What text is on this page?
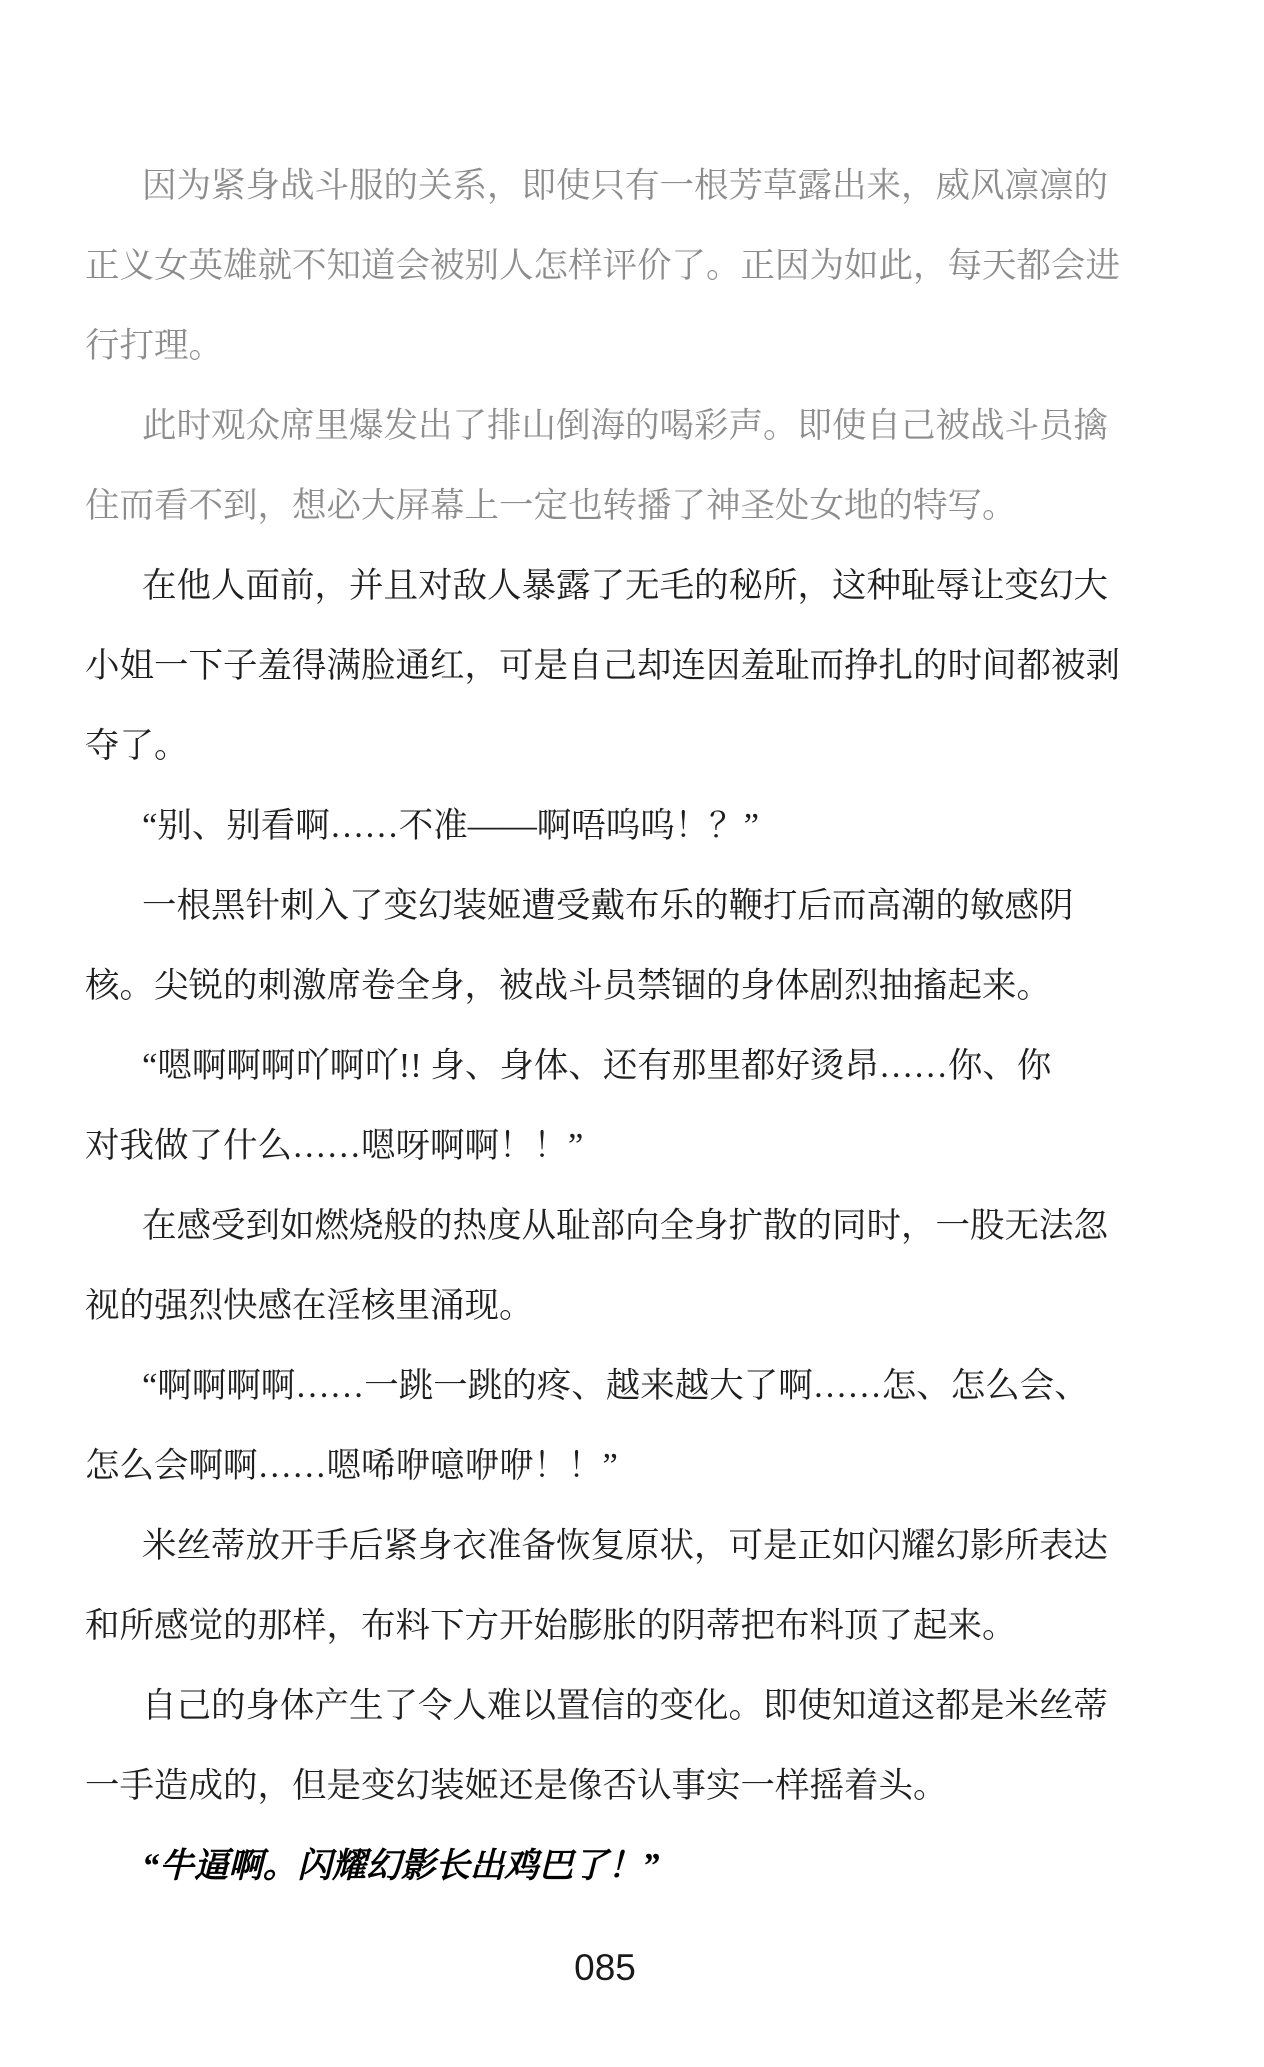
因为紧身战斗服的关系，即使只有一根芳草露出来，威风凛凛的
正义女英雄就不知道会被别人怎样评价了。正因为如此，每天都会进
行打理。
此时观众席里爆发出了排山倒海的喝彩声。即使自己被战斗员擒
住而看不到，想必大屏幕上一定也转播了神圣处女地的特写。
在他人面前，并且对敌人暴露了无毛的秘所，这种耻辱让变幻大
小姐一下子羞得满脸通红，可是自己却连因羞耻而挣扎的时间都被剥
夺了。
“别、别看啊……不准——啊唔呜呜！？”
一根黑针刺入了变幻装姬遭受戴布乐的鞭打后而高潮的敏感阴
核。尖锐的刺激席卷全身，被战斗员禁锢的身体剧烈抽搐起来。
“嗯啊啊啊吖啊吖!! 身、身体、还有那里都好烫昂……你、你
对我做了什么……嗯呀啊啊！！”
在感受到如燃烧般的热度从耻部向全身扩散的同时，一股无法忽
视的强烈快感在淫核里涌现。
“啊啊啊啊……一跳一跳的疼、越来越大了啊……怎、怎么会、
怎么会啊啊……嗯唏咿噫咿咿！！”
米丝蒂放开手后紧身衣准备恢复原状，可是正如闪耀幻影所表达
和所感觉的那样，布料下方开始膨胀的阴蒂把布料顶了起来。
自己的身体产生了令人难以置信的变化。即使知道这都是米丝蒂
一手造成的，但是变幻装姬还是像否认事实一样摇着头。
“牛逼啊。闪耀幻影长出鸡巴了！”
085
